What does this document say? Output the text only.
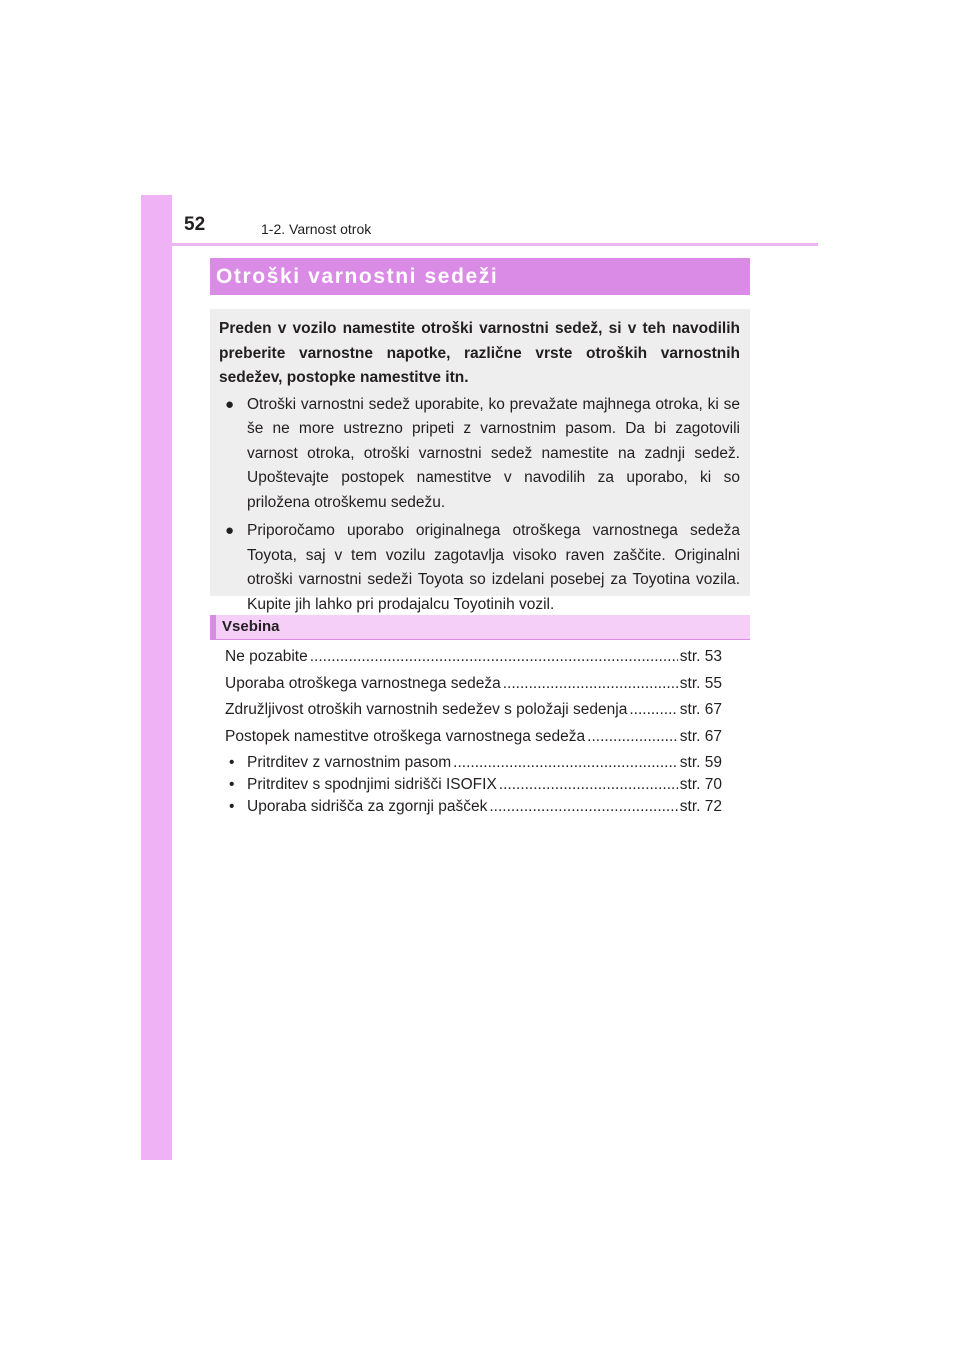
52	1-2. Varnost otrok
Otroški varnostni sedeži

Preden v vozilo namestite otroški varnostni sedež, si v teh navodilih preberite varnostne napotke, različne vrste otroških varnostnih sedežev, postopke namestitve itn.

● Otroški varnostni sedež uporabite, ko prevažate majhnega otroka, ki se še ne more ustrezno pripeti z varnostnim pasom. Da bi zagotovili varnost otroka, otroški varnostni sedež namestite na zadnji sedež. Upoštevajte postopek namestitve v navodilih za uporabo, ki so priložena otroškemu sedežu.
● Priporočamo uporabo originalnega otroškega varnostnega sedeža Toyota, saj v tem vozilu zagotavlja visoko raven zaščite. Originalni otroški varnostni sedeži Toyota so izdelani posebej za Toyotina vozila. Kupite jih lahko pri prodajalcu Toyotinih vozil.
Vsebina
Ne pozabite .....	str. 53
Uporaba otroškega varnostnega sedeža .....	str. 55
Združljivost otroških varnostnih sedežev s položaji sedenja .....	str. 67
Postopek namestitve otroškega varnostnega sedeža .....	str. 67
• Pritrditev z varnostnim pasom .....	str. 59
• Pritrditev s spodnjimi sidrišči ISOFIX .....	str. 70
• Uporaba sidrišča za zgornji pašček .....	str. 72
